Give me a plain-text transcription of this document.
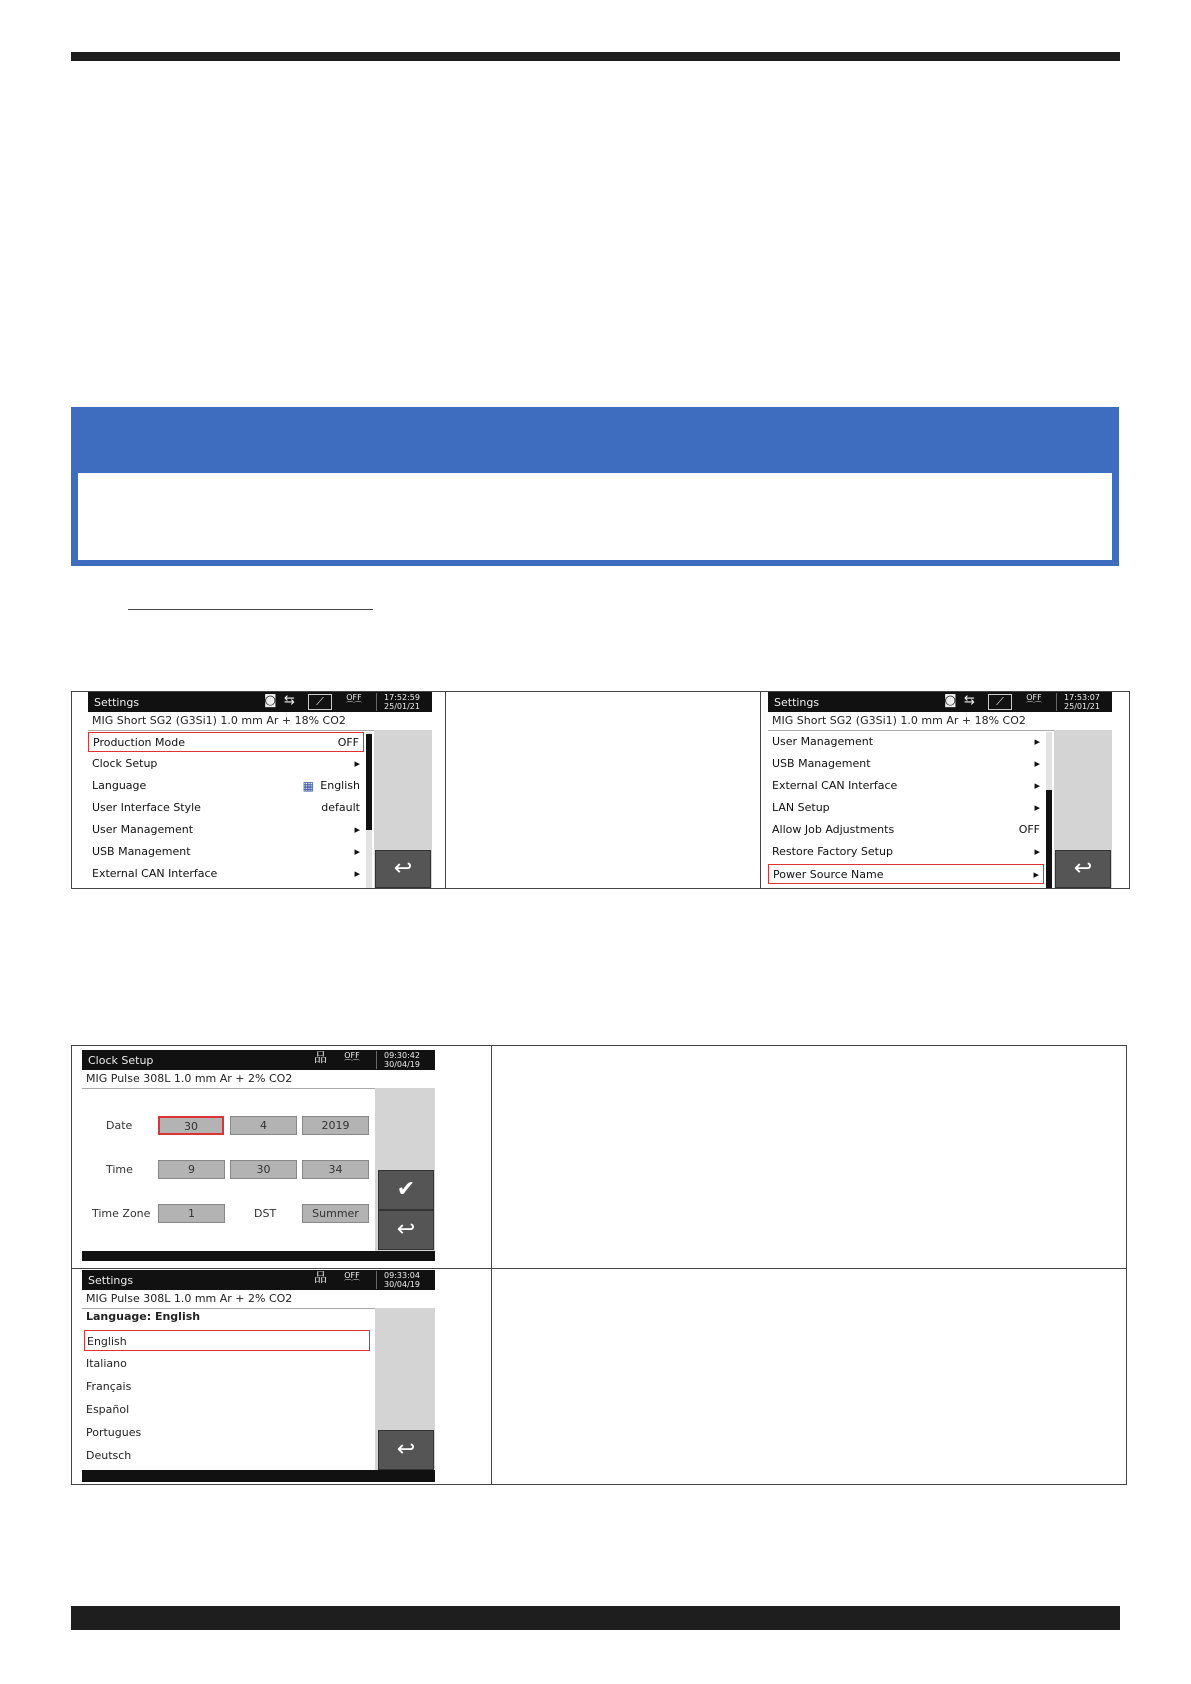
Settings	◙ ⇆	⟋	OFF
⌒⌒
17:52:59
25/01/21
MIG Short SG2 (G3Si1) 1.0 mm Ar + 18% CO2
Production Mode	OFF
Clock Setup	▸
Language	English
▦
User Interface Style	default
User Management	▸
USB Management	▸
External CAN Interface	▸	↩
Settings	◙ ⇆	⟋	OFF
⌒⌒
17:53:07
25/01/21
MIG Short SG2 (G3Si1) 1.0 mm Ar + 18% CO2
User Management	▸
USB Management	▸
External CAN Interface	▸
LAN Setup	▸
Allow Job Adjustments	OFF
Restore Factory Setup	▸
Power Source Name	▸	↩
Clock Setup	品	OFF
⌒⌒
09:30:42
30/04/19
MIG Pulse 308L 1.0 mm Ar + 2% CO2
Date	30	4	2019
Time	9	30	34
Time Zone	1	DST	Summer
✔
↩
Settings	品	OFF
⌒⌒
09:33:04
30/04/19
MIG Pulse 308L 1.0 mm Ar + 2% CO2
Language: English
English
Italiano
Français
Español
Portugues
Deutsch	↩
